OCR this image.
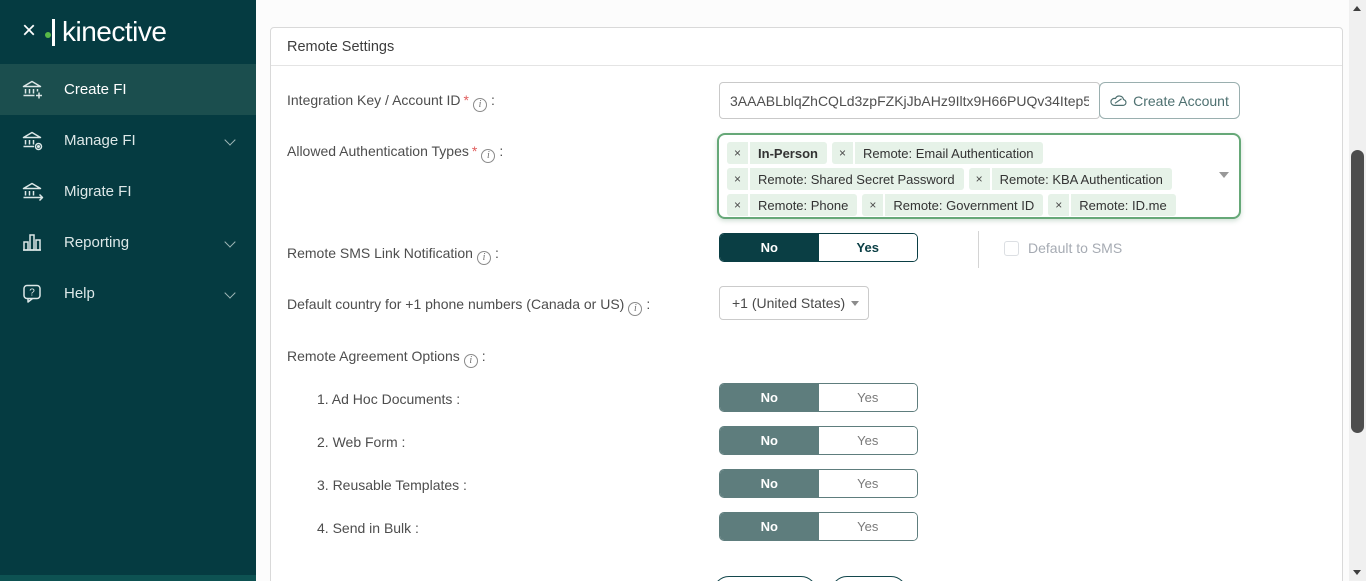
× kinective
Create FI
Manage FI
Migrate FI
Reporting
? Help
Remote Settings
Integration Key / Account ID * i :
3AAABLblqZhCQLd3zpFZKjJbAHz9Iltx9H66PUQv34Itep5	Create Account
Allowed Authentication Types * i :	×	In-Person	×	Remote: Email Authentication
×	Remote: Shared Secret Password	×	Remote: KBA Authentication
×	Remote: Phone	×	Remote: Government ID	×	Remote: ID.me
Remote SMS Link Notification i :	No	Yes	Default to SMS
Default country for +1 phone numbers (Canada or US) i :	+1 (United States)
Remote Agreement Options i :
1. Ad Hoc Documents :	No	Yes
2. Web Form :	No	Yes
3. Reusable Templates :	No	Yes
4. Send in Bulk :	No	Yes
